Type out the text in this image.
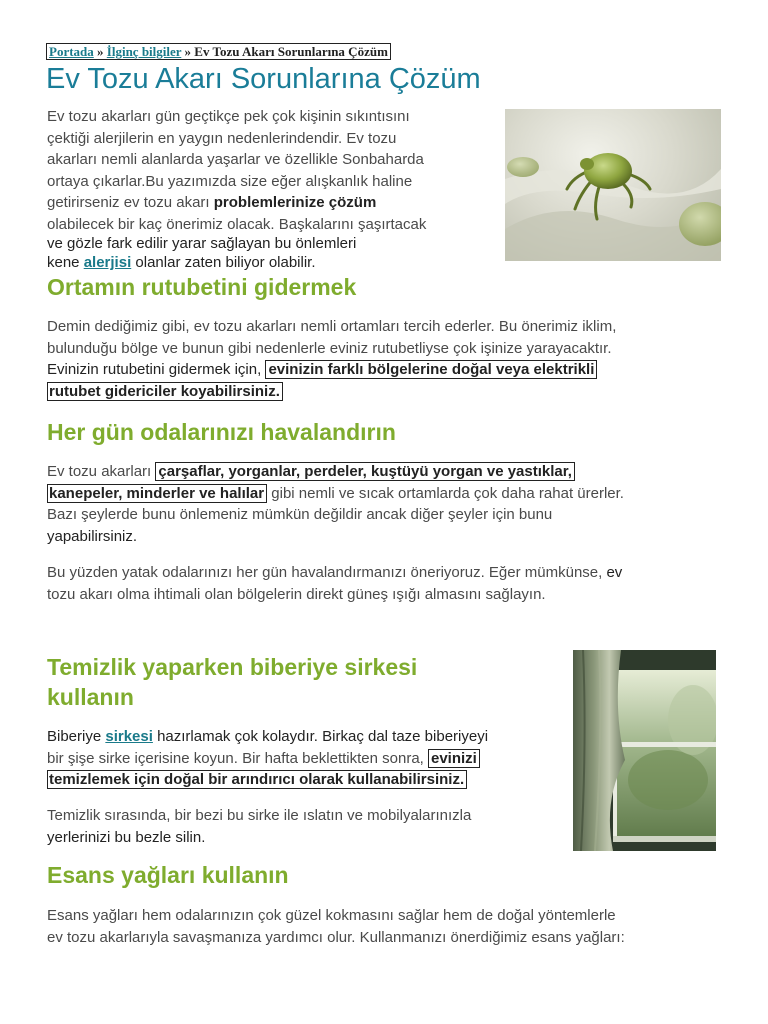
Portada » İlginç bilgiler » Ev Tozu Akarı Sorunlarına Çözüm
Ev Tozu Akarı Sorunlarına Çözüm
Ev tozu akarları gün geçtikçe pek çok kişinin sıkıntısını
çektiği alerjilerin en yaygın nedenlerindendir. Ev tozu
akarları nemli alanlarda yaşarlar ve özellikle Sonbaharda
ortaya çıkarlar.Bu yazımızda size eğer alışkanlık haline
getirirseniz ev tozu akarı problemlerinize çözüm
olabilecek bir kaç önerimiz olacak. Başkalarını şaşırtacak
ve gözle fark edilir yarar sağlayan bu önlemleri
kene alerjisi olanlar zaten biliyor olabilir.
Ortamın rutubetini gidermek
Demin dediğimiz gibi, ev tozu akarları nemli ortamları tercih ederler. Bu önerimiz iklim,
bulunduğu bölge ve bunun gibi nedenlerle eviniz rutubetliyse çok işinize yarayacaktır.
Evinizin rutubetini gidermek için, evinizin farklı bölgelerine doğal veya elektrikli
rutubet gidericiler koyabilirsiniz.
Her gün odalarınızı havalandırın
Ev tozu akarları çarşaflar, yorganlar, perdeler, kuştüyü yorgan ve yastıklar,
kanepeler, minderler ve halılar gibi nemli ve sıcak ortamlarda çok daha rahat ürerler.
Bazı şeylerde bunu önlemeniz mümkün değildir ancak diğer şeyler için bunu
yapabilirsiniz.
Bu yüzden yatak odalarınızı her gün havalandırmanızı öneriyoruz. Eğer mümkünse, ev
tozu akarı olma ihtimali olan bölgelerin direkt güneş ışığı almasını sağlayın.
Temizlik yaparken biberiye sirkesi
kullanın
Biberiye sirkesi hazırlamak çok kolaydır. Birkaç dal taze biberiyeyi
bir şişe sirke içerisine koyun. Bir hafta beklettikten sonra, evinizi
temizlemek için doğal bir arındırıcı olarak kullanabilirsiniz.
Temizlik sırasında, bir bezi bu sirke ile ıslatın ve mobilyalarınızla
yerlerinizi bu bezle silin.
Esans yağları kullanın
Esans yağları hem odalarınızın çok güzel kokmasını sağlar hem de doğal yöntemlerle
ev tozu akarlarıyla savaşmanıza yardımcı olur. Kullanmanızı önerdiğimiz esans yağları:
